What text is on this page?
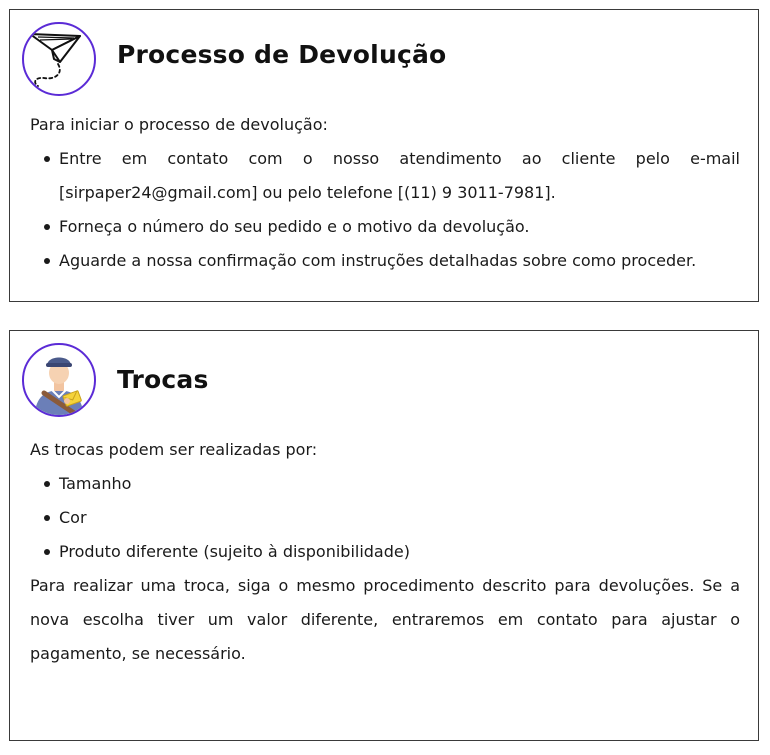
Processo de Devolução

Para iniciar o processo de devolução:

Entre em contato com o nosso atendimento ao cliente pelo e-mail [sirpaper24@gmail.com] ou pelo telefone [(11) 9 3011-7981].
Forneça o número do seu pedido e o motivo da devolução.
Aguarde a nossa confirmação com instruções detalhadas sobre como proceder.
Trocas

As trocas podem ser realizadas por:

Tamanho
Cor
Produto diferente (sujeito à disponibilidade)

Para realizar uma troca, siga o mesmo procedimento descrito para devoluções. Se a nova escolha tiver um valor diferente, entraremos em contato para ajustar o pagamento, se necessário.
